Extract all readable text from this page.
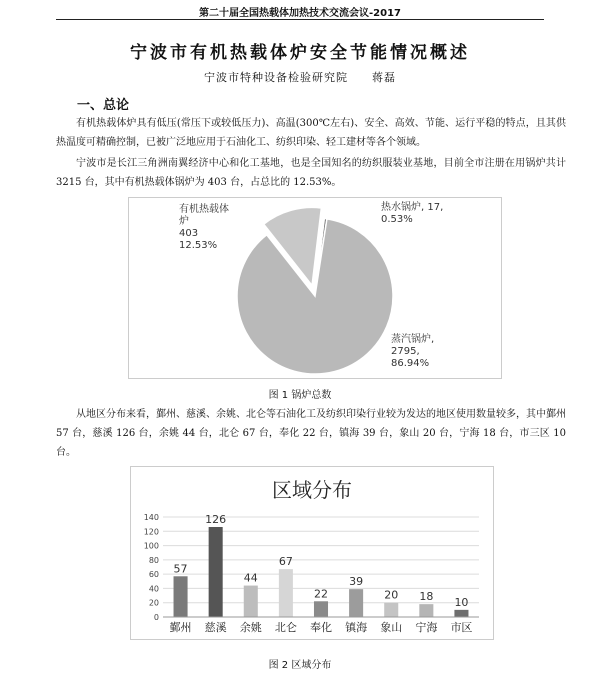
第二十届全国热载体加热技术交流会议-2017
宁波市有机热载体炉安全节能情况概述
宁波市特种设备检验研究院 蒋磊
一、总论
有机热载体炉具有低压(常压下或较低压力)、高温(300℃左右)、安全、高效、节能、运行平稳的特点，且其供热温度可精确控制，已被广泛地应用于石油化工、纺织印染、轻工建材等各个领域。
宁波市是长江三角洲南翼经济中心和化工基地，也是全国知名的纺织服装业基地，目前全市注册在用锅炉共计 3215 台，其中有机热载体锅炉为 403 台，占总比的 12.53%。
有机热载体炉 403 12.53%
热水锅炉, 17, 0.53%
蒸汽锅炉, 2795, 86.94%
图 1 锅炉总数
从地区分布来看，鄞州、慈溪、余姚、北仑等石油化工及纺织印染行业较为发达的地区使用数量较多，其中鄞州 57 台，慈溪 126 台，余姚 44 台，北仑 67 台，奉化 22 台，镇海 39 台，象山 20 台，宁海 18 台，市三区 10 台。
区域分布
0
20
40
60
80
100
120
140
57
鄞州
126
慈溪
44
余姚
67
北仑
22
奉化
39
镇海
20
象山
18
宁海
10
市区
图 2 区域分布
